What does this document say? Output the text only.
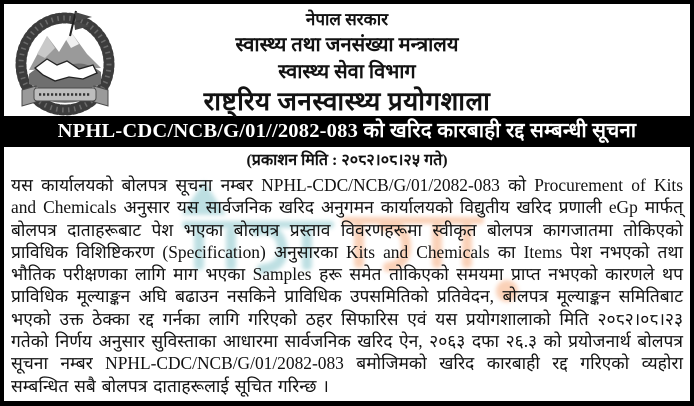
नेपाल सरकार
स्वास्थ्य तथा जनसंख्या मन्त्रालय
स्वास्थ्य सेवा विभाग
राष्ट्रिय जनस्वास्थ्य प्रयोगशाला
NPHL-CDC/NCB/G/01//2082-083 को खरिद कारबाही रद्द सम्बन्धी सूचना
(प्रकाशन मिति : २०८२।०८।२५ गते)
यस कार्यालयको बोलपत्र सूचना नम्बर NPHL-CDC/NCB/G/01/2082-083 को Procurement of Kits and Chemicals अनुसार यस सार्वजनिक खरिद अनुगमन कार्यालयको विद्युतीय खरिद प्रणाली eGp मार्फत् बोलपत्र दाताहरूबाट पेश भएका बोलपत्र प्रस्ताव विवरणहरूमा स्वीकृत बोलपत्र कागजातमा तोकिएको प्राविधिक विशिष्टिकरण (Specification) अनुसारका Kits and Chemicals का Items पेश नभएको तथा भौतिक परीक्षणका लागि माग भएका Samples हरू समेत तोकिएको समयमा प्राप्त नभएको कारणले थप प्राविधिक मूल्याङ्कन अघि बढाउन नसकिने प्राविधिक उपसमितिको प्रतिवेदन, बोलपत्र मूल्याङ्कन समितिबाट भएको उक्त ठेक्का रद्द गर्नका लागि गरिएको ठहर सिफारिस एवं यस प्रयोगशालाको मिति २०८२।०८।२३ गतेको निर्णय अनुसार सुविस्ताका आधारमा सार्वजनिक खरिद ऐन, २०६३ दफा २६.३ को प्रयोजनार्थ बोलपत्र सूचना नम्बर NPHL-CDC/NCB/G/01/2082-083 बमोजिमको खरिद कारबाही रद्द गरिएको व्यहोरा सम्बन्धित सबै बोलपत्र दाताहरूलाई सूचित गरिन्छ ।
